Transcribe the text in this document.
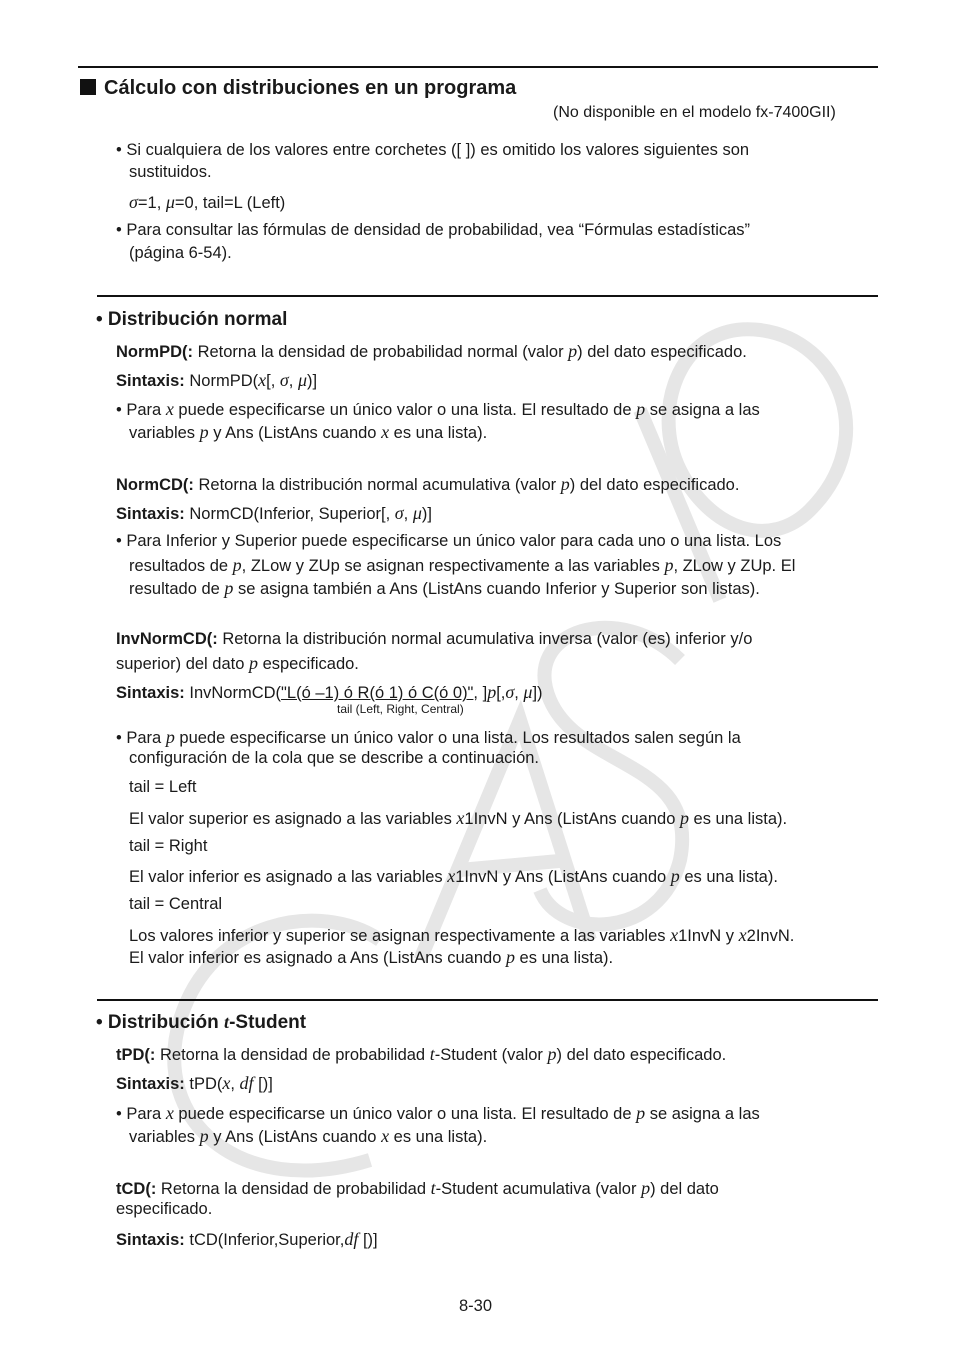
Cálculo con distribuciones en un programa
(No disponible en el modelo fx-7400GII)
• Si cualquiera de los valores entre corchetes ([ ]) es omitido los valores siguientes son
sustituidos.
σ=1, μ=0, tail=L (Left)
• Para consultar las fórmulas de densidad de probabilidad, vea “Fórmulas estadísticas”
(página 6-54).
• Distribución normal
NormPD(: Retorna la densidad de probabilidad normal (valor p) del dato especificado.
Sintaxis: NormPD(x[, σ, μ)]
• Para x puede especificarse un único valor o una lista. El resultado de p se asigna a las
variables p y Ans (ListAns cuando x es una lista).
NormCD(: Retorna la distribución normal acumulativa (valor p) del dato especificado.
Sintaxis: NormCD(Inferior, Superior[, σ, μ)]
• Para Inferior y Superior puede especificarse un único valor para cada uno o una lista. Los
resultados de p, ZLow y ZUp se asignan respectivamente a las variables p, ZLow y ZUp. El
resultado de p se asigna también a Ans (ListAns cuando Inferior y Superior son listas).
InvNormCD(: Retorna la distribución normal acumulativa inversa (valor (es) inferior y/o
superior) del dato p especificado.
Sintaxis: InvNormCD("L(ó –1) ó R(ó 1) ó C(ó 0)", ]p[,σ, μ])
tail (Left, Right, Central)
• Para p puede especificarse un único valor o una lista. Los resultados salen según la
configuración de la cola que se describe a continuación.
tail = Left
El valor superior es asignado a las variables x1InvN y Ans (ListAns cuando p es una lista).
tail = Right
El valor inferior es asignado a las variables x1InvN y Ans (ListAns cuando p es una lista).
tail = Central
Los valores inferior y superior se asignan respectivamente a las variables x1InvN y x2InvN.
El valor inferior es asignado a Ans (ListAns cuando p es una lista).
• Distribución t-Student
tPD(: Retorna la densidad de probabilidad t-Student (valor p) del dato especificado.
Sintaxis: tPD(x, df [)]
• Para x puede especificarse un único valor o una lista. El resultado de p se asigna a las
variables p y Ans (ListAns cuando x es una lista).
tCD(: Retorna la densidad de probabilidad t-Student acumulativa (valor p) del dato
especificado.
Sintaxis: tCD(Inferior,Superior,df [)]
8-30
